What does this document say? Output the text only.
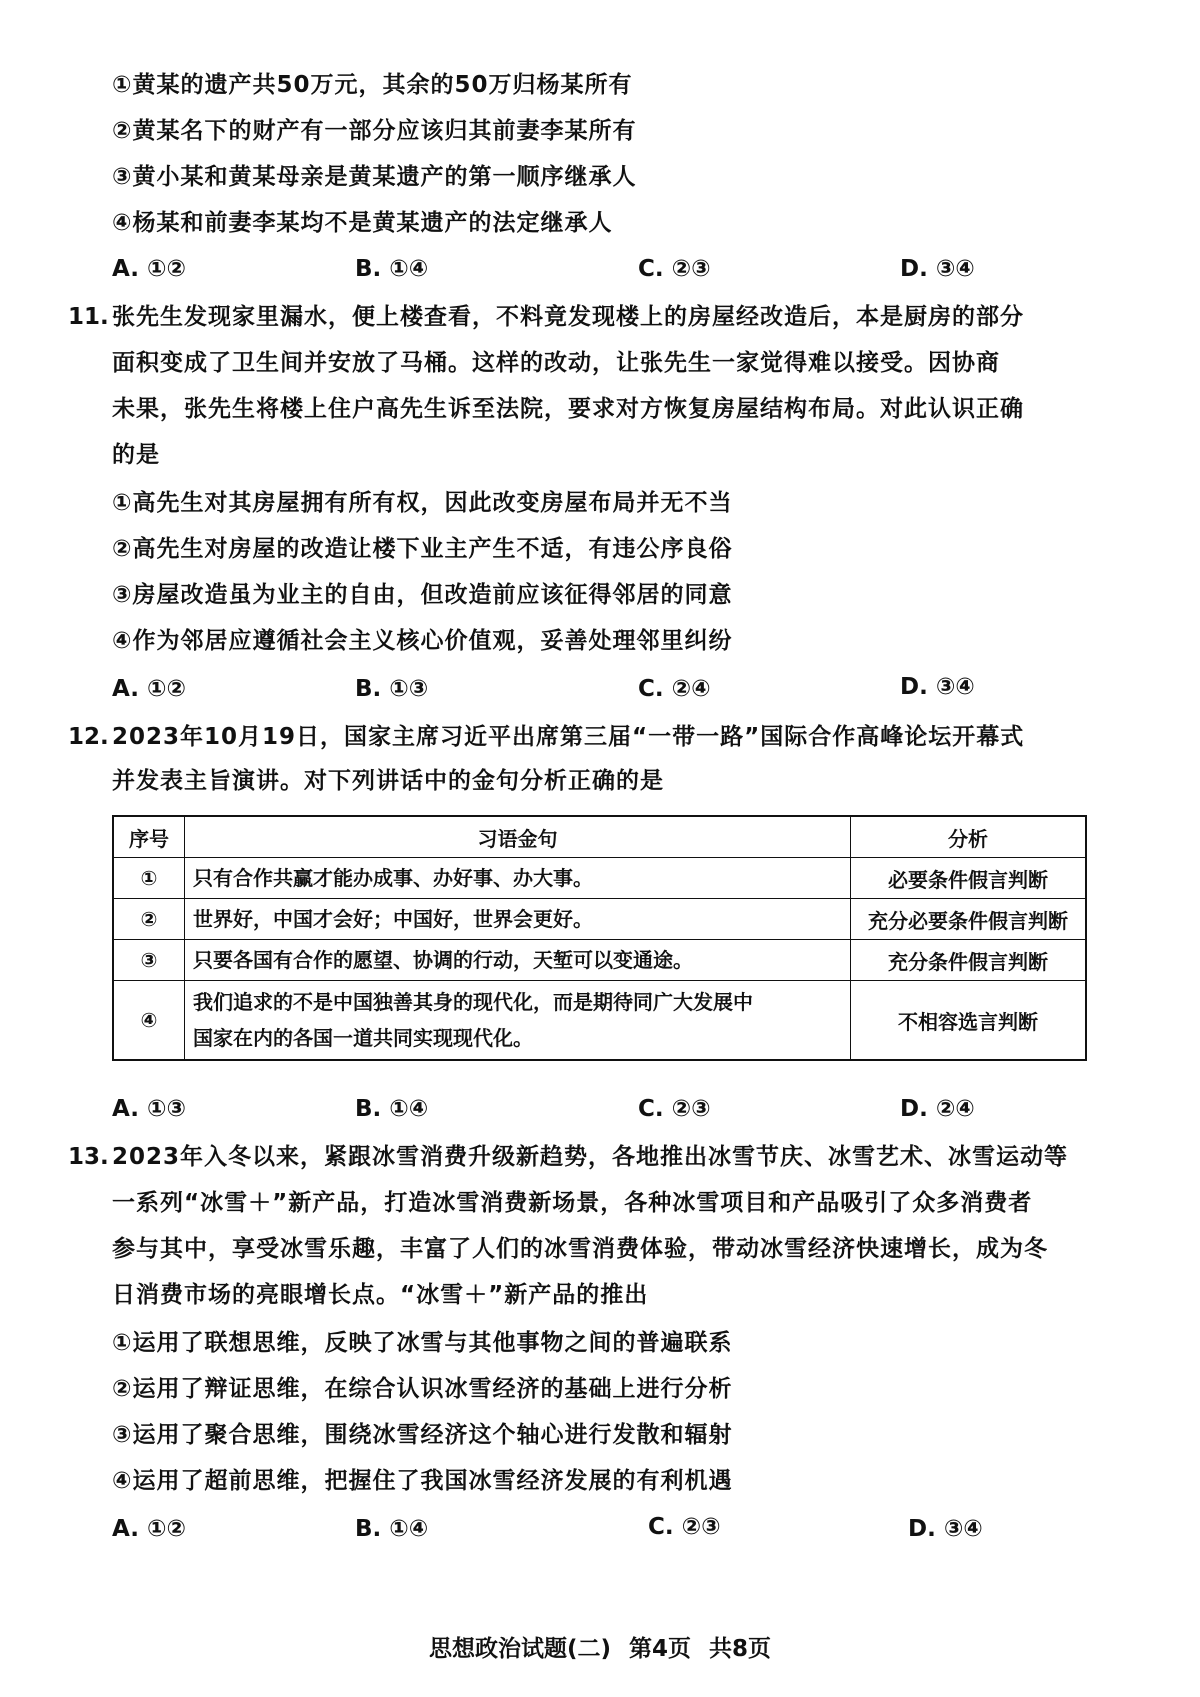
①黄某的遗产共50万元，其余的50万归杨某所有
②黄某名下的财产有一部分应该归其前妻李某所有
③黄小某和黄某母亲是黄某遗产的第一顺序继承人
④杨某和前妻李某均不是黄某遗产的法定继承人
A. ①②	B. ①④	C. ②③	D. ③④
11. 张先生发现家里漏水，便上楼查看，不料竟发现楼上的房屋经改造后，本是厨房的部分
面积变成了卫生间并安放了马桶。这样的改动，让张先生一家觉得难以接受。因协商
未果，张先生将楼上住户高先生诉至法院，要求对方恢复房屋结构布局。对此认识正确
的是
①高先生对其房屋拥有所有权，因此改变房屋布局并无不当
②高先生对房屋的改造让楼下业主产生不适，有违公序良俗
③房屋改造虽为业主的自由，但改造前应该征得邻居的同意
④作为邻居应遵循社会主义核心价值观，妥善处理邻里纠纷
A. ①②	B. ①③	C. ②④	D. ③④
12. 2023年10月19日，国家主席习近平出席第三届“一带一路”国际合作高峰论坛开幕式
并发表主旨演讲。对下列讲话中的金句分析正确的是
序号	习语金句	分析
①	只有合作共赢才能办成事、办好事、办大事。	必要条件假言判断
②	世界好，中国才会好；中国好，世界会更好。	充分必要条件假言判断
③	只要各国有合作的愿望、协调的行动，天堑可以变通途。	充分条件假言判断
④	我们追求的不是中国独善其身的现代化，而是期待同广大发展中
国家在内的各国一道共同实现现代化。	不相容选言判断
A. ①③	B. ①④	C. ②③	D. ②④
13. 2023年入冬以来，紧跟冰雪消费升级新趋势，各地推出冰雪节庆、冰雪艺术、冰雪运动等
一系列“冰雪＋”新产品，打造冰雪消费新场景，各种冰雪项目和产品吸引了众多消费者
参与其中，享受冰雪乐趣，丰富了人们的冰雪消费体验，带动冰雪经济快速增长，成为冬
日消费市场的亮眼增长点。“冰雪＋”新产品的推出
①运用了联想思维，反映了冰雪与其他事物之间的普遍联系
②运用了辩证思维，在综合认识冰雪经济的基础上进行分析
③运用了聚合思维，围绕冰雪经济这个轴心进行发散和辐射
④运用了超前思维，把握住了我国冰雪经济发展的有利机遇
A. ①②	B. ①④	C. ②③	D. ③④
思想政治试题(二) 第4页 共8页
